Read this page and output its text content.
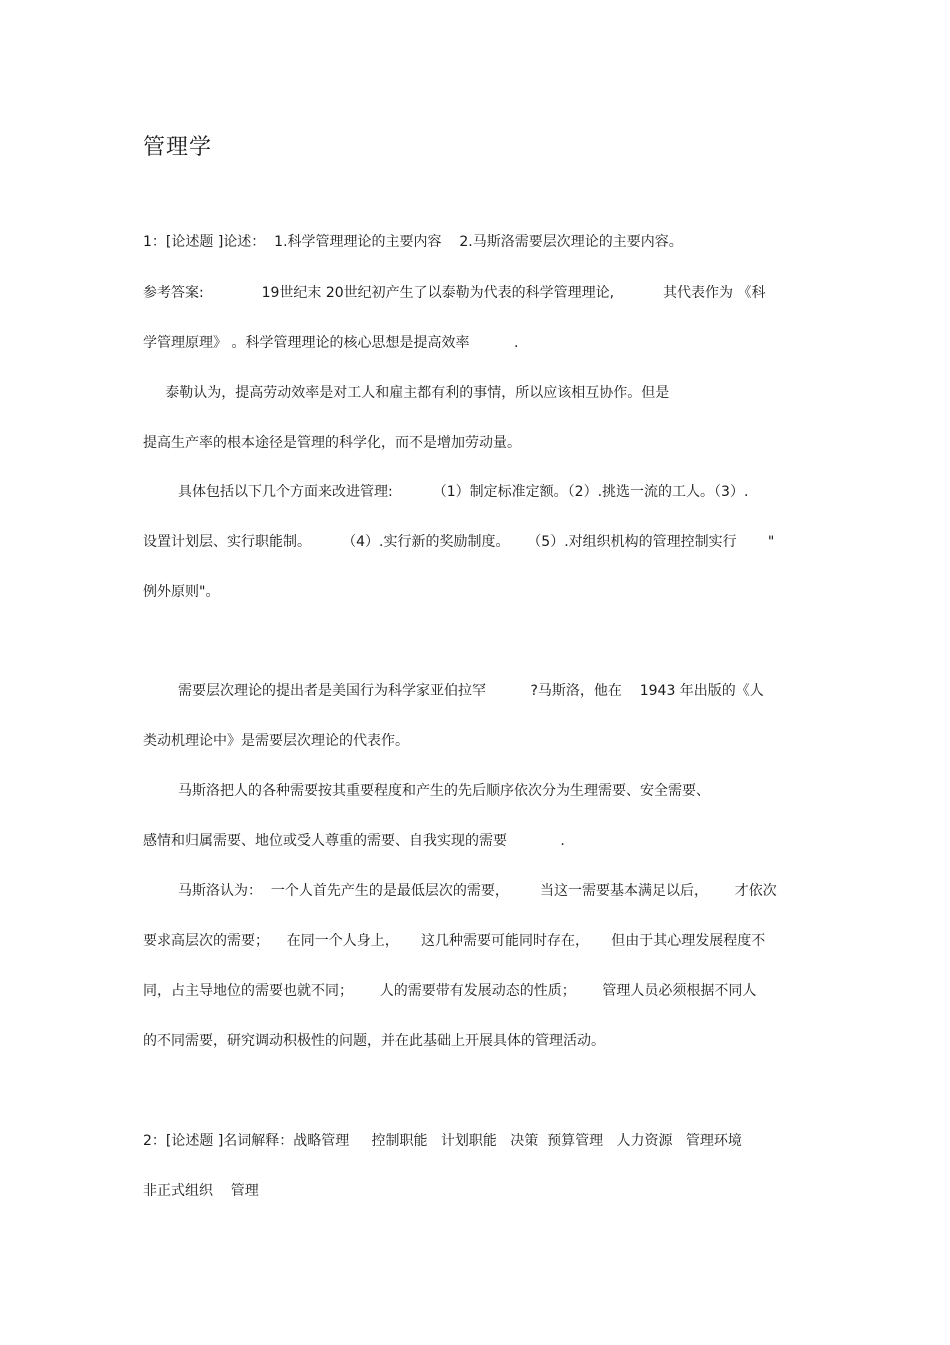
管理学

1：[论述题 ]论述：  1.科学管理理论的主要内容    2.马斯洛需要层次理论的主要内容。

参考答案:             19世纪末 20世纪初产生了以泰勒为代表的科学管理理论,           其代表作为 《科

学管理原理》 。科学管理理论的核心思想是提高效率          .

泰勒认为，提高劳动效率是对工人和雇主都有利的事情，所以应该相互协作。但是

提高生产率的根本途径是管理的科学化，而不是增加劳动量。

具体包括以下几个方面来改进管理:         （1）制定标准定额。（2）.挑选一流的工人。（3）.

设置计划层、实行职能制。       （4）.实行新的奖励制度。    （5）.对组织机构的管理控制实行       "

例外原则"。

需要层次理论的提出者是美国行为科学家亚伯拉罕          ?马斯洛，他在    1943 年出版的《人

类动机理论中》是需要层次理论的代表作。

马斯洛把人的各种需要按其重要程度和产生的先后顺序依次分为生理需要、安全需要、

感情和归属需要、地位或受人尊重的需要、自我实现的需要            .

马斯洛认为：  一个人首先产生的是最低层次的需要，       当这一需要基本满足以后，      才依次

要求高层次的需要；    在同一个人身上，     这几种需要可能同时存在，     但由于其心理发展程度不

同，占主导地位的需要也就不同；      人的需要带有发展动态的性质；      管理人员必须根据不同人

的不同需要，研究调动积极性的问题，并在此基础上开展具体的管理活动。

2：[论述题 ]名词解释：战略管理     控制职能   计划职能   决策  预算管理   人力资源   管理环境

非正式组织    管理
